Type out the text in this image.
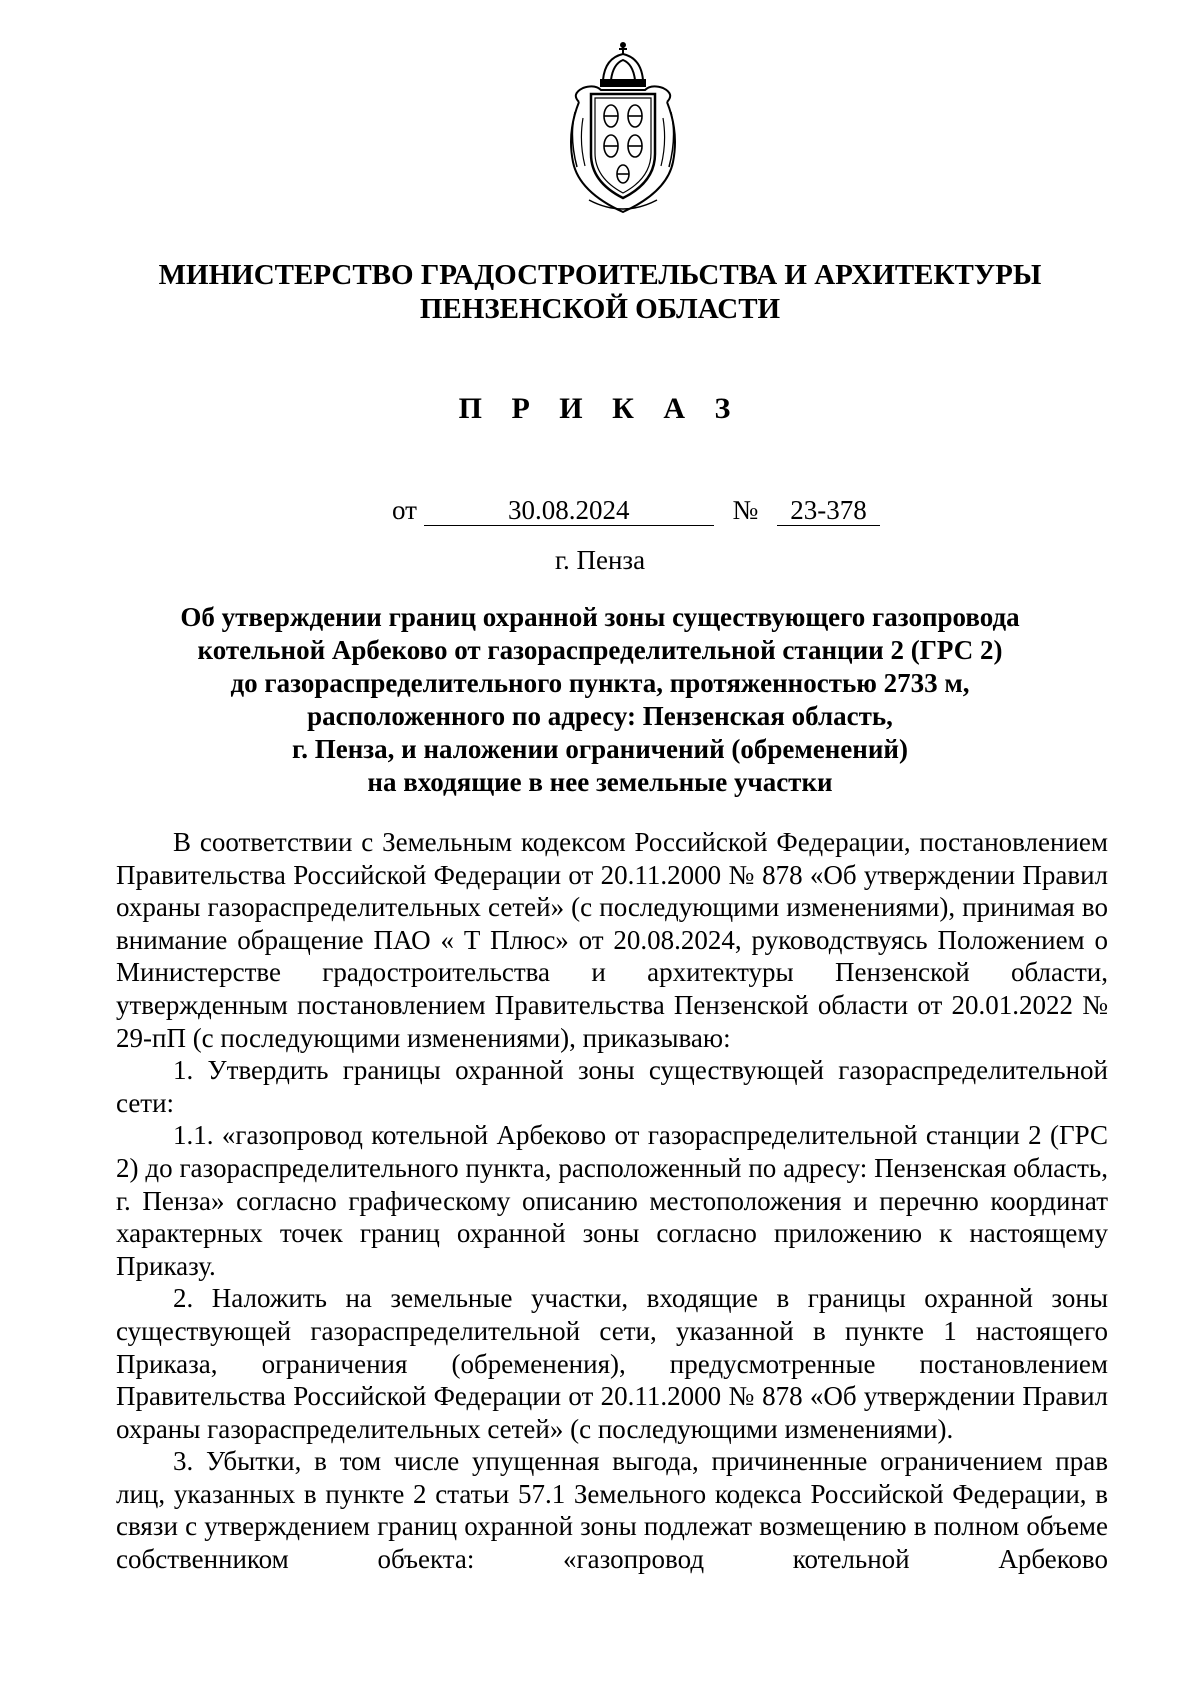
МИНИСТЕРСТВО ГРАДОСТРОИТЕЛЬСТВА И АРХИТЕКТУРЫ
ПЕНЗЕНСКОЙ ОБЛАСТИ
П Р И К А З
от	30.08.2024	№ 23-378
г. Пенза
Об утверждении границ охранной зоны существующего газопровода
котельной Арбеково от газораспределительной станции 2 (ГРС 2)
до газораспределительного пункта, протяженностью 2733 м,
расположенного по адресу: Пензенская область,
г. Пенза, и наложении ограничений (обременений)
на входящие в нее земельные участки

В соответствии с Земельным кодексом Российской Федерации, постановлением Правительства Российской Федерации от 20.11.2000 № 878 «Об утверждении Правил охраны газораспределительных сетей» (с последующими изменениями), принимая во внимание обращение ПАО « Т Плюс» от 20.08.2024, руководствуясь Положением о Министерстве градостроительства и архитектуры Пензенской области, утвержденным постановлением Правительства Пензенской области от 20.01.2022 № 29-пП (с последующими изменениями), приказываю:

1. Утвердить границы охранной зоны существующей газораспределительной сети:

1.1. «газопровод котельной Арбеково от газораспределительной станции 2 (ГРС 2) до газораспределительного пункта, расположенный по адресу: Пензенская область, г. Пенза» согласно графическому описанию местоположения и перечню координат характерных точек границ охранной зоны согласно приложению к настоящему Приказу.

2. Наложить на земельные участки, входящие в границы охранной зоны существующей газораспределительной сети, указанной в пункте 1 настоящего Приказа, ограничения (обременения), предусмотренные постановлением Правительства Российской Федерации от 20.11.2000 № 878 «Об утверждении Правил охраны газораспределительных сетей» (с последующими изменениями).

3. Убытки, в том числе упущенная выгода, причиненные ограничением прав лиц, указанных в пункте 2 статьи 57.1 Земельного кодекса Российской Федерации, в связи с утверждением границ охранной зоны подлежат возмещению в полном объеме собственником объекта: «газопровод котельной Арбеково
